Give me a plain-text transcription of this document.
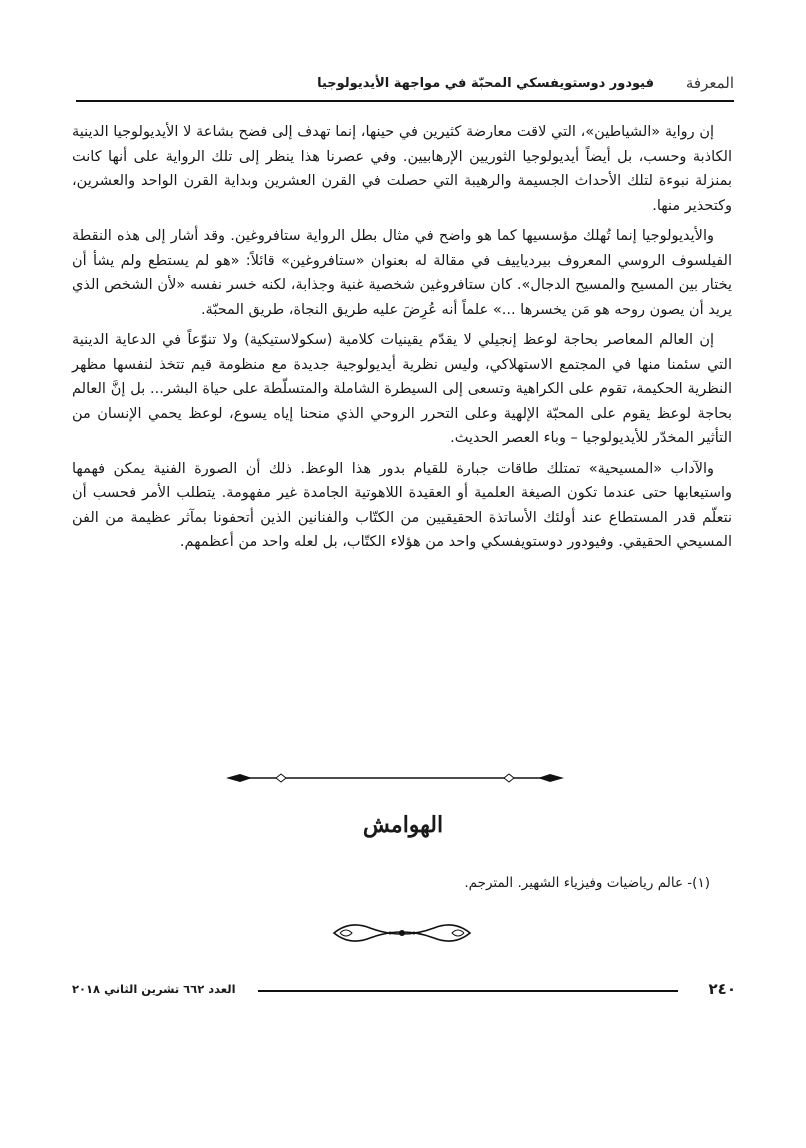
المعرفة
فيودور دوستويفسكي المحبّة في مواجهة الأيديولوجيا

إن رواية «الشياطين»، التي لاقت معارضة كثيرين في حينها، إنما تهدف إلى فضح بشاعة لا الأيديولوجيا الدينية الكاذبة وحسب، بل أيضاً أيديولوجيا الثوريين الإرهابيين. وفي عصرنا هذا ينظر إلى تلك الرواية على أنها كانت بمنزلة نبوءة لتلك الأحداث الجسيمة والرهيبة التي حصلت في القرن العشرين وبداية القرن الواحد والعشرين، وكتحذير منها.

والأيديولوجيا إنما تُهلك مؤسسيها كما هو واضح في مثال بطل الرواية ستافروغين. وقد أشار إلى هذه النقطة الفيلسوف الروسي المعروف بيردياييف في مقالة له بعنوان «ستافروغين» قائلاً: «هو لم يستطع ولم يشأ أن يختار بين المسيح والمسيح الدجال». كان ستافروغين شخصية غنية وجذابة، لكنه خسر نفسه «لأن الشخص الذي يريد أن يصون روحه هو مَن يخسرها ...» علماً أنه عُرِضَ عليه طريق النجاة، طريق المحبّة.

إن العالم المعاصر بحاجة لوعظ إنجيلي لا يقدّم يقينيات كلامية (سكولاستيكية) ولا تنوّعاً في الدعاية الدينية التي سئمنا منها في المجتمع الاستهلاكي، وليس نظرية أيديولوجية جديدة مع منظومة قيم تتخذ لنفسها مظهر النظرية الحكيمة، تقوم على الكراهية وتسعى إلى السيطرة الشاملة والمتسلّطة على حياة البشر... بل إنَّ العالم بحاجة لوعظ يقوم على المحبّة الإلهية وعلى التحرر الروحي الذي منحنا إياه يسوع، لوعظ يحمي الإنسان من التأثير المخدّر للأيديولوجيا – وباء العصر الحديث.

والآداب «المسيحية» تمتلك طاقات جبارة للقيام بدور هذا الوعظ. ذلك أن الصورة الفنية يمكن فهمها واستيعابها حتى عندما تكون الصيغة العلمية أو العقيدة اللاهوتية الجامدة غير مفهومة. يتطلب الأمر فحسب أن نتعلّم قدر المستطاع عند أولئك الأساتذة الحقيقيين من الكتّاب والفنانين الذين أتحفونا بمآثر عظيمة من الفن المسيحي الحقيقي. وفيودور دوستويفسكي واحد من هؤلاء الكتّاب، بل لعله واحد من أعظمهم.

الهوامش
(١)- عالم رياضيات وفيزياء الشهير. المترجم.
٢٤٠
العدد ٦٦٢ تشرين الثاني ٢٠١٨
